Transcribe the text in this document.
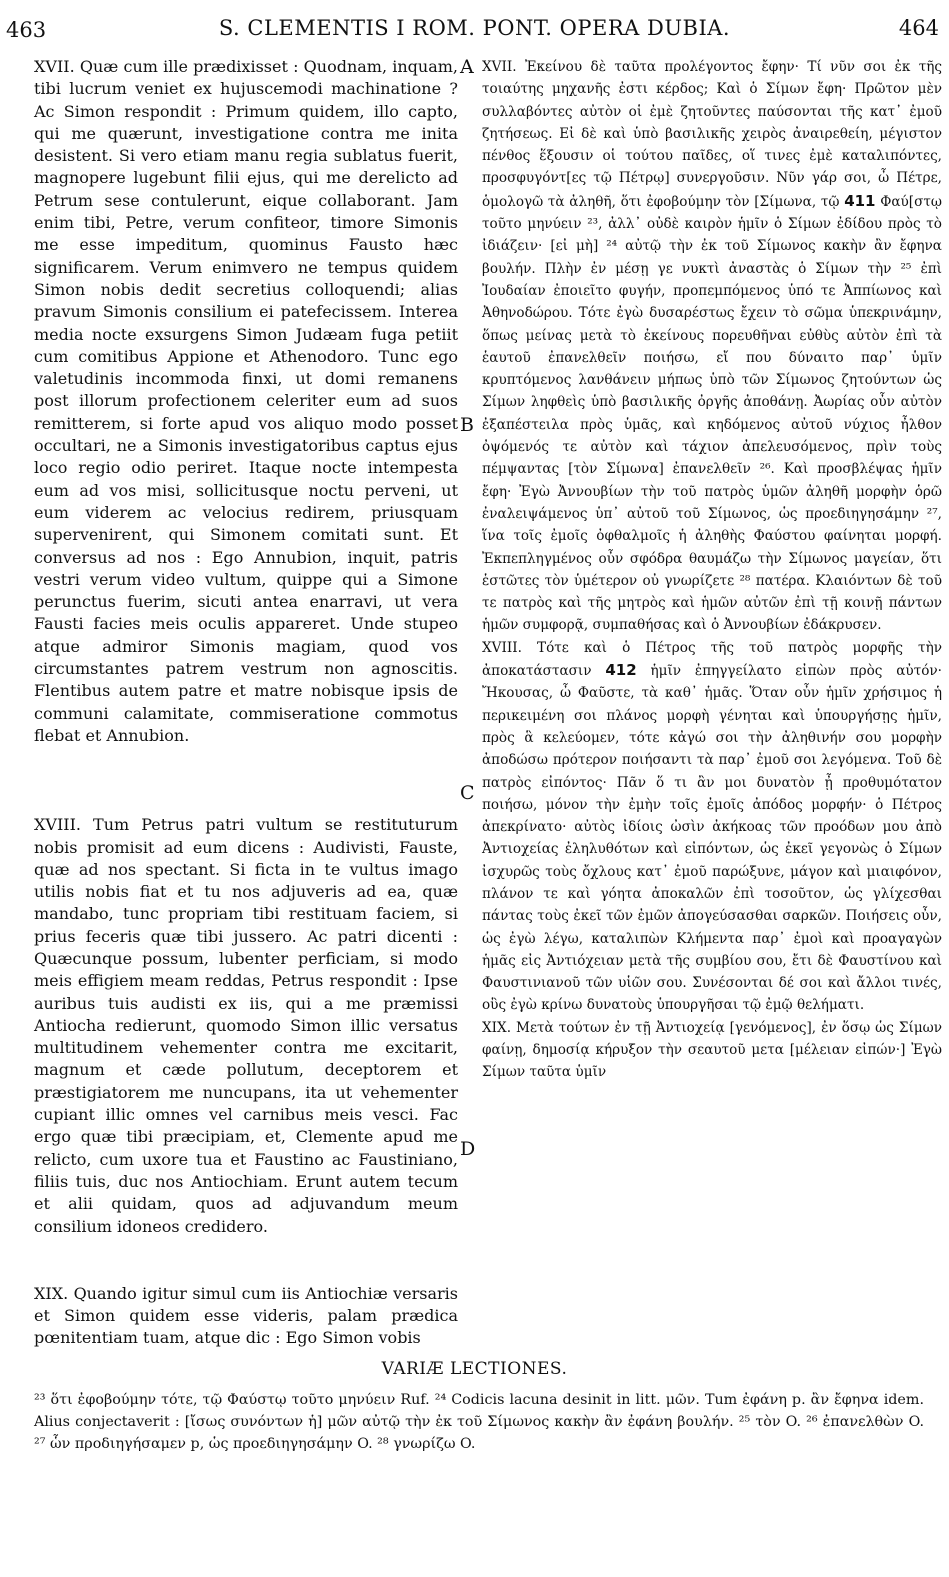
463	S. CLEMENTIS I ROM. PONT. OPERA DUBIA.	464

XVII. Quæ cum ille prædixisset : Quodnam, inquam, tibi lucrum veniet ex hujuscemodi machinatione ? Ac Simon respondit : Primum quidem, illo capto, qui me quærunt, investigatione contra me inita desistent. Si vero etiam manu regia sublatus fuerit, magnopere lugebunt filii ejus, qui me derelicto ad Petrum sese contulerunt, eique collaborant. Jam enim tibi, Petre, verum confiteor, timore Simonis me esse impeditum, quominus Fausto hæc significarem. Verum enimvero ne tempus quidem Simon nobis dedit secretius colloquendi; alias pravum Simonis consilium ei patefecissem. Interea media nocte exsurgens Simon Judæam fuga petiit cum comitibus Appione et Athenodoro. Tunc ego valetudinis incommoda finxi, ut domi remanens post illorum profectionem celeriter eum ad suos remitterem, si forte apud vos aliquo modo posset occultari, ne a Simonis investigatoribus captus ejus loco regio odio periret. Itaque nocte intempesta eum ad vos misi, sollicitusque noctu perveni, ut eum viderem ac velocius redirem, priusquam supervenirent, qui Simonem comitati sunt. Et conversus ad nos : Ego Annubion, inquit, patris vestri verum video vultum, quippe qui a Simone perunctus fuerim, sicuti antea enarravi, ut vera Fausti facies meis oculis appareret. Unde stupeo atque admiror Simonis magiam, quod vos circumstantes patrem vestrum non agnoscitis. Flentibus autem patre et matre nobisque ipsis de communi calamitate, commiseratione commotus flebat et Annubion.

XVIII. Tum Petrus patri vultum se restituturum nobis promisit ad eum dicens : Audivisti, Fauste, quæ ad nos spectant. Si ficta in te vultus imago utilis nobis fiat et tu nos adjuveris ad ea, quæ mandabo, tunc propriam tibi restituam faciem, si prius feceris quæ tibi jussero. Ac patri dicenti : Quæcunque possum, lubenter perficiam, si modo meis effigiem meam reddas, Petrus respondit : Ipse auribus tuis audisti ex iis, qui a me præmissi Antiocha redierunt, quomodo Simon illic versatus multitudinem vehementer contra me excitarit, magnum et cæde pollutum, deceptorem et præstigiatorem me nuncupans, ita ut vehementer cupiant illic omnes vel carnibus meis vesci. Fac ergo quæ tibi præcipiam, et, Clemente apud me relicto, cum uxore tua et Faustino ac Faustiniano, filiis tuis, duc nos Antiochiam. Erunt autem tecum et alii quidam, quos ad adjuvandum meum consilium idoneos credidero.

XIX. Quando igitur simul cum iis Antiochiæ versaris et Simon quidem esse videris, palam prædica pœnitentiam tuam, atque dic : Ego Simon vobis

A
B
C
D

XVII. Ἐκείνου δὲ ταῦτα προλέγοντος ἔφην· Τί νῦν σοι ἐκ τῆς τοιαύτης μηχανῆς ἐστι κέρδος; Καὶ ὁ Σίμων ἔφη· Πρῶτον μὲν συλλαβόντες αὐτὸν οἱ ἐμὲ ζητοῦντες παύσονται τῆς κατ᾽ ἐμοῦ ζητήσεως. Εἰ δὲ καὶ ὑπὸ βασιλικῆς χειρὸς ἀναιρεθείη, μέγιστον πένθος ἕξουσιν οἱ τούτου παῖδες, οἵ τινες ἐμὲ καταλιπόντες, προσφυγόντ[ες τῷ Πέτρῳ] συνεργοῦσιν. Νῦν γάρ σοι, ὦ Πέτρε, ὁμολογῶ τὰ ἀληθῆ, ὅτι ἐφοβούμην τὸν [Σίμωνα, τῷ 411 Φαύ[στῳ τοῦτο μηνύειν ²³, ἀλλ᾽ οὐδὲ καιρὸν ἡμῖν ὁ Σίμων ἐδίδου πρὸς τὸ ἰδιάζειν· [εἰ μὴ] ²⁴ αὐτῷ τὴν ἐκ τοῦ Σίμωνος κακὴν ἂν ἔφηνα βουλήν. Πλὴν ἐν μέσῃ γε νυκτὶ ἀναστὰς ὁ Σίμων τὴν ²⁵ ἐπὶ Ἰουδαίαν ἐποιεῖτο φυγήν, προπεμπόμενος ὑπό τε Ἀππίωνος καὶ Ἀθηνοδώρου. Τότε ἐγὼ δυσαρέστως ἔχειν τὸ σῶμα ὑπεκρινάμην, ὅπως μείνας μετὰ τὸ ἐκείνους πορευθῆναι εὐθὺς αὐτὸν ἐπὶ τὰ ἑαυτοῦ ἐπανελθεῖν ποιήσω, εἴ που δύναιτο παρ᾽ ὑμῖν κρυπτόμενος λανθάνειν μήπως ὑπὸ τῶν Σίμωνος ζητούντων ὡς Σίμων ληφθεὶς ὑπὸ βασιλικῆς ὀργῆς ἀποθάνῃ. Ἀωρίας οὖν αὐτὸν ἐξαπέστειλα πρὸς ὑμᾶς, καὶ κηδόμενος αὐτοῦ νύχιος ἦλθον ὀψόμενός τε αὐτὸν καὶ τάχιον ἀπελευσόμενος, πρὶν τοὺς πέμψαντας [τὸν Σίμωνα] ἐπανελθεῖν ²⁶. Καὶ προσβλέψας ἡμῖν ἔφη· Ἐγὼ Ἀννουβίων τὴν τοῦ πατρὸς ὑμῶν ἀληθῆ μορφὴν ὁρῶ ἐναλειψάμενος ὑπ᾽ αὐτοῦ τοῦ Σίμωνος, ὡς προεδιηγησάμην ²⁷, ἵνα τοῖς ἐμοῖς ὀφθαλμοῖς ἡ ἀληθὴς Φαύστου φαίνηται μορφή. Ἐκπεπληγμένος οὖν σφόδρα θαυμάζω τὴν Σίμωνος μαγείαν, ὅτι ἑστῶτες τὸν ὑμέτερον οὐ γνωρίζετε ²⁸ πατέρα. Κλαιόντων δὲ τοῦ τε πατρὸς καὶ τῆς μητρὸς καὶ ἡμῶν αὐτῶν ἐπὶ τῇ κοινῇ πάντων ἡμῶν συμφορᾷ, συμπαθήσας καὶ ὁ Ἀννουβίων ἐδάκρυσεν.

XVIII. Τότε καὶ ὁ Πέτρος τῆς τοῦ πατρὸς μορφῆς τὴν ἀποκατάστασιν 412 ἡμῖν ἐπηγγείλατο εἰπὼν πρὸς αὐτόν· Ἤκουσας, ὦ Φαῦστε, τὰ καθ᾽ ἡμᾶς. Ὅταν οὖν ἡμῖν χρήσιμος ἡ περικειμένη σοι πλάνος μορφὴ γένηται καὶ ὑπουργήσῃς ἡμῖν, πρὸς ἃ κελεύομεν, τότε κἀγώ σοι τὴν ἀληθινήν σου μορφὴν ἀποδώσω πρότερον ποιήσαντι τὰ παρ᾽ ἐμοῦ σοι λεγόμενα. Τοῦ δὲ πατρὸς εἰπόντος· Πᾶν ὅ τι ἂν μοι δυνατὸν ᾖ προθυμότατον ποιήσω, μόνον τὴν ἐμὴν τοῖς ἐμοῖς ἀπόδος μορφήν· ὁ Πέτρος ἀπεκρίνατο· αὐτὸς ἰδίοις ὠσὶν ἀκήκοας τῶν προόδων μου ἀπὸ Ἀντιοχείας ἐληλυθότων καὶ εἰπόντων, ὡς ἐκεῖ γεγονὼς ὁ Σίμων ἰσχυρῶς τοὺς ὄχλους κατ᾽ ἐμοῦ παρώξυνε, μάγον καὶ μιαιφόνον, πλάνον τε καὶ γόητα ἀποκαλῶν ἐπὶ τοσοῦτον, ὡς γλίχεσθαι πάντας τοὺς ἐκεῖ τῶν ἐμῶν ἀπογεύσασθαι σαρκῶν. Ποιήσεις οὖν, ὡς ἐγὼ λέγω, καταλιπὼν Κλήμεντα παρ᾽ ἐμοὶ καὶ προαγαγὼν ἡμᾶς εἰς Ἀντιόχειαν μετὰ τῆς συμβίου σου, ἔτι δὲ Φαυστίνου καὶ Φαυστινιανοῦ τῶν υἱῶν σου. Συνέσονται δέ σοι καὶ ἄλλοι τινές, οὓς ἐγὼ κρίνω δυνατοὺς ὑπουργῆσαι τῷ ἐμῷ θελήματι.

XIX. Μετὰ τούτων ἐν τῇ Ἀντιοχείᾳ [γενόμενος], ἐν ὅσῳ ὡς Σίμων φαίνῃ, δημοσίᾳ κήρυξον τὴν σεαυτοῦ μετα [μέλειαν εἰπών·] Ἐγὼ Σίμων ταῦτα ὑμῖν

VARIÆ LECTIONES.
²³ ὅτι ἐφοβούμην τότε, τῷ Φαύστῳ τοῦτο μηνύειν Ruf. ²⁴ Codicis lacuna desinit in litt. μῶν. Tum ἐφάνη p. ἂν ἔφηνα idem. Alius conjectaverit : [ἴσως συνόντων ἡ] μῶν αὐτῷ τὴν ἐκ τοῦ Σίμωνος κακὴν ἂν ἐφάνη βουλήν. ²⁵ τὸν O. ²⁶ ἐπανελθὼν O. ²⁷ ὧν προδιηγήσαμεν p, ὡς προεδιηγησάμην O. ²⁸ γνωρίζω O.
